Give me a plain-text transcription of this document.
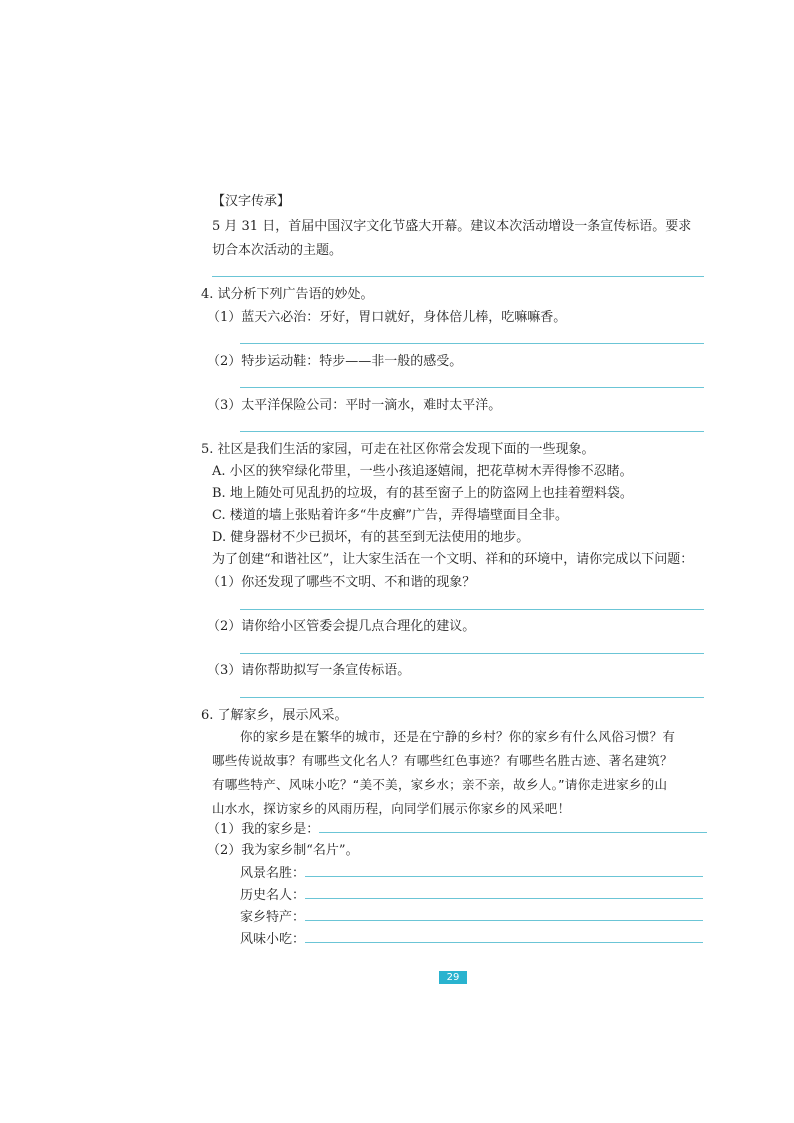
【汉字传承】
5 月 31 日，首届中国汉字文化节盛大开幕。建议本次活动增设一条宣传标语。要求
切合本次活动的主题。
4. 试分析下列广告语的妙处。
（1）蓝天六必治：牙好，胃口就好，身体倍儿棒，吃嘛嘛香。
（2）特步运动鞋：特步——非一般的感受。
（3）太平洋保险公司：平时一滴水，难时太平洋。
5. 社区是我们生活的家园，可走在社区你常会发现下面的一些现象。
A. 小区的狭窄绿化带里，一些小孩追逐嬉闹，把花草树木弄得惨不忍睹。
B. 地上随处可见乱扔的垃圾，有的甚至窗子上的防盗网上也挂着塑料袋。
C. 楼道的墙上张贴着许多“牛皮癣”广告，弄得墙壁面目全非。
D. 健身器材不少已损坏，有的甚至到无法使用的地步。
为了创建“和谐社区”，让大家生活在一个文明、祥和的环境中，请你完成以下问题：
（1）你还发现了哪些不文明、不和谐的现象？
（2）请你给小区管委会提几点合理化的建议。
（3）请你帮助拟写一条宣传标语。
6. 了解家乡，展示风采。
你的家乡是在繁华的城市，还是在宁静的乡村？你的家乡有什么风俗习惯？有
哪些传说故事？有哪些文化名人？有哪些红色事迹？有哪些名胜古迹、著名建筑？
有哪些特产、风味小吃？“美不美，家乡水；亲不亲，故乡人。”请你走进家乡的山
山水水，探访家乡的风雨历程，向同学们展示你家乡的风采吧！
（1）我的家乡是：
（2）我为家乡制“名片”。
风景名胜：
历史名人：
家乡特产：
风味小吃：
29
